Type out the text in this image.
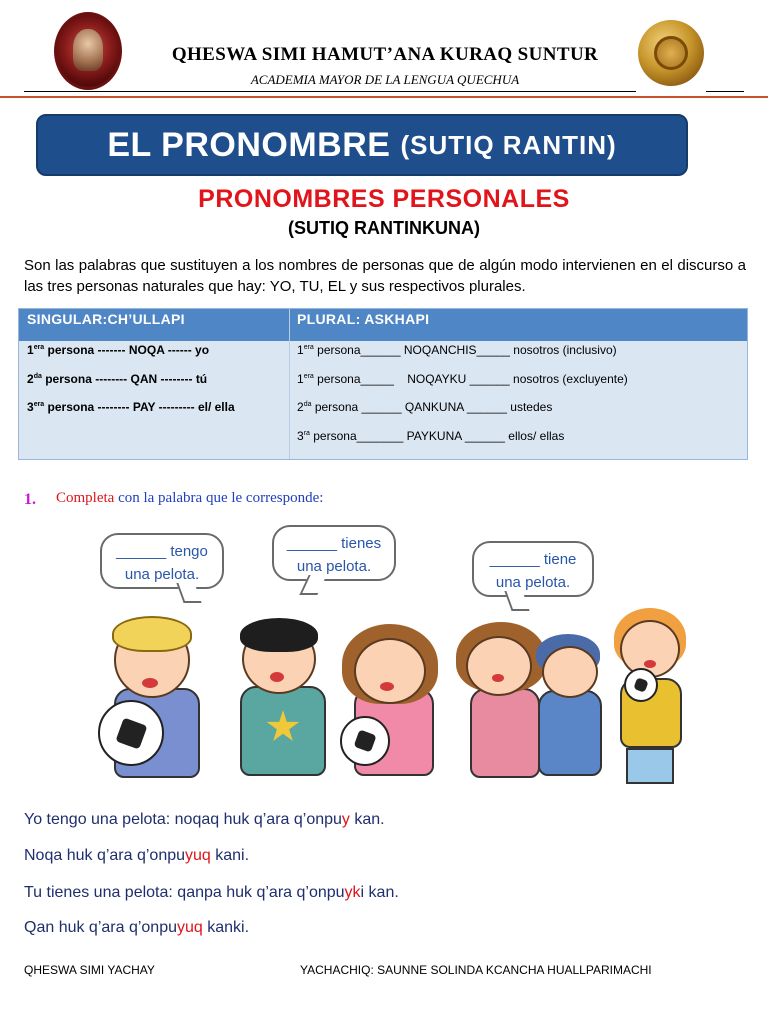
QHESWA SIMI HAMUT’ANA KURAQ SUNTUR
ACADEMIA MAYOR DE LA LENGUA QUECHUA
EL PRONOMBRE (SUTIQ RANTIN)
PRONOMBRES PERSONALES
(SUTIQ RANTINKUNA)
Son las palabras que sustituyen a los nombres de personas que de algún modo intervienen en el discurso a las tres personas naturales que hay: YO, TU, EL y sus respectivos plurales.
SINGULAR:CH’ULLAPI	PLURAL: ASKHAPI
$1^{era}$ persona ------- NOQA ------ yo
$2^{da}$ persona -------- QAN -------- tú
$3^{era}$ persona -------- PAY --------- el/ ella
$1^{era}$ persona______ NOQANCHIS_____ nosotros (inclusivo)
$1^{era}$ persona_____    NOQAYKU ______ nosotros (excluyente)
$2^{da}$ persona ______ QANKUNA ______ ustedes
$3^{ra}$ persona_______ PAYKUNA ______ ellos/ ellas
1. Completa con la palabra que le corresponde:
______ tengo
una pelota.
______ tienes
una pelota.	______ tiene
una pelota.
Yo tengo una pelota: noqaq huk q’ara q’onpuy kan.
Noqa huk q’ara q’onpuyuq kani.
Tu tienes una pelota: qanpa huk q’ara q’onpuyki kan.
Qan huk q’ara q’onpuyuq kanki.
QHESWA SIMI YACHAY	YACHACHIQ: SAUNNE SOLINDA KCANCHA HUALLPARIMACHI
